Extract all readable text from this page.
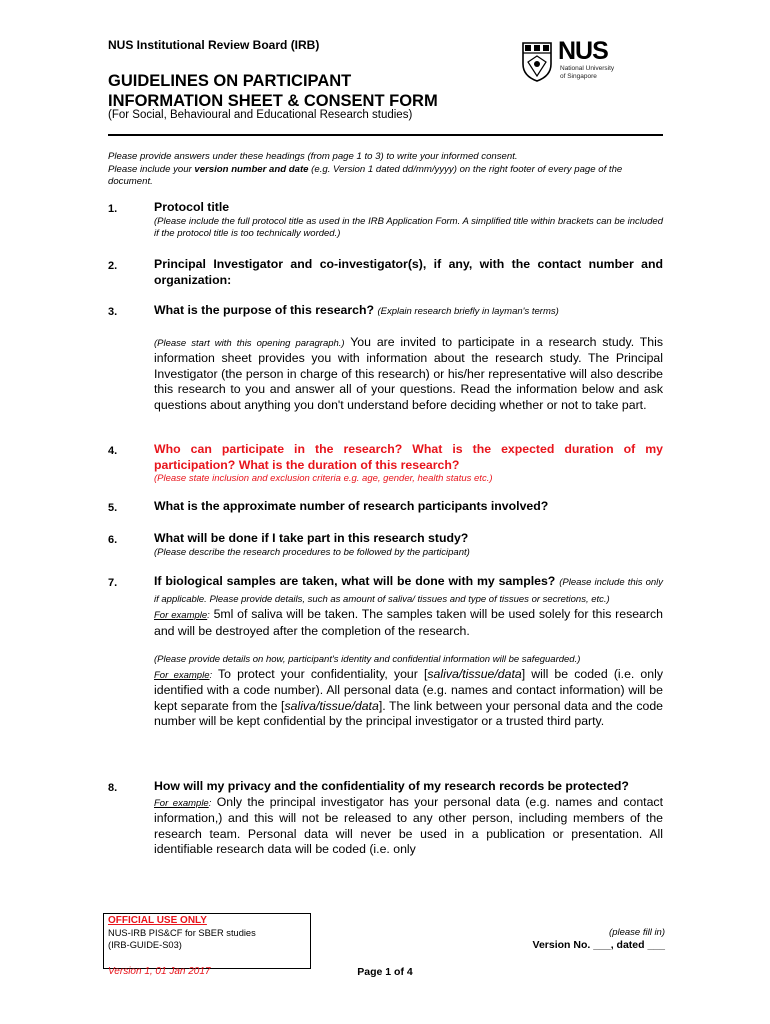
NUS Institutional Review Board (IRB)	NUS
National University
of Singapore
GUIDELINES ON PARTICIPANT
INFORMATION SHEET & CONSENT FORM
(For Social, Behavioural and Educational Research studies)
Please provide answers under these headings (from page 1 to 3) to write your informed consent.
Please include your version number and date (e.g. Version 1 dated dd/mm/yyyy) on the right footer of every page of the document.
1.	Protocol title
(Please include the full protocol title as used in the IRB Application Form. A simplified title within brackets can be included if the protocol title is too technically worded.)
2.	Principal Investigator and co-investigator(s), if any, with the contact number and organization:
3.	What is the purpose of this research? (Explain research briefly in layman's terms)
(Please start with this opening paragraph.) You are invited to participate in a research study. This information sheet provides you with information about the research study. The Principal Investigator (the person in charge of this research) or his/her representative will also describe this research to you and answer all of your questions. Read the information below and ask questions about anything you don't understand before deciding whether or not to take part.
4.	Who can participate in the research? What is the expected duration of my participation? What is the duration of this research?
(Please state inclusion and exclusion criteria e.g. age, gender, health status etc.)
5.	What is the approximate number of research participants involved?
6.	What will be done if I take part in this research study?
(Please describe the research procedures to be followed by the participant)
7.	If biological samples are taken, what will be done with my samples? (Please include this only if applicable. Please provide details, such as amount of saliva/ tissues and type of tissues or secretions, etc.)
For example: 5ml of saliva will be taken. The samples taken will be used solely for this research and will be destroyed after the completion of the research.
(Please provide details on how, participant's identity and confidential information will be safeguarded.)
For example: To protect your confidentiality, your [saliva/tissue/data] will be coded (i.e. only identified with a code number). All personal data (e.g. names and contact information) will be kept separate from the [saliva/tissue/data]. The link between your personal data and the code number will be kept confidential by the principal investigator or a trusted third party.
8.	How will my privacy and the confidentiality of my research records be protected?
For example: Only the principal investigator has your personal data (e.g. names and contact information,) and this will not be released to any other person, including members of the research team. Personal data will never be used in a publication or presentation. All identifiable research data will be coded (i.e. only
OFFICIAL USE ONLY
NUS-IRB PIS&CF for SBER studies
(IRB-GUIDE-S03)
(please fill in)
Version No. ___, dated ___
Version 1, 01 Jan 2017	Page 1 of 4
